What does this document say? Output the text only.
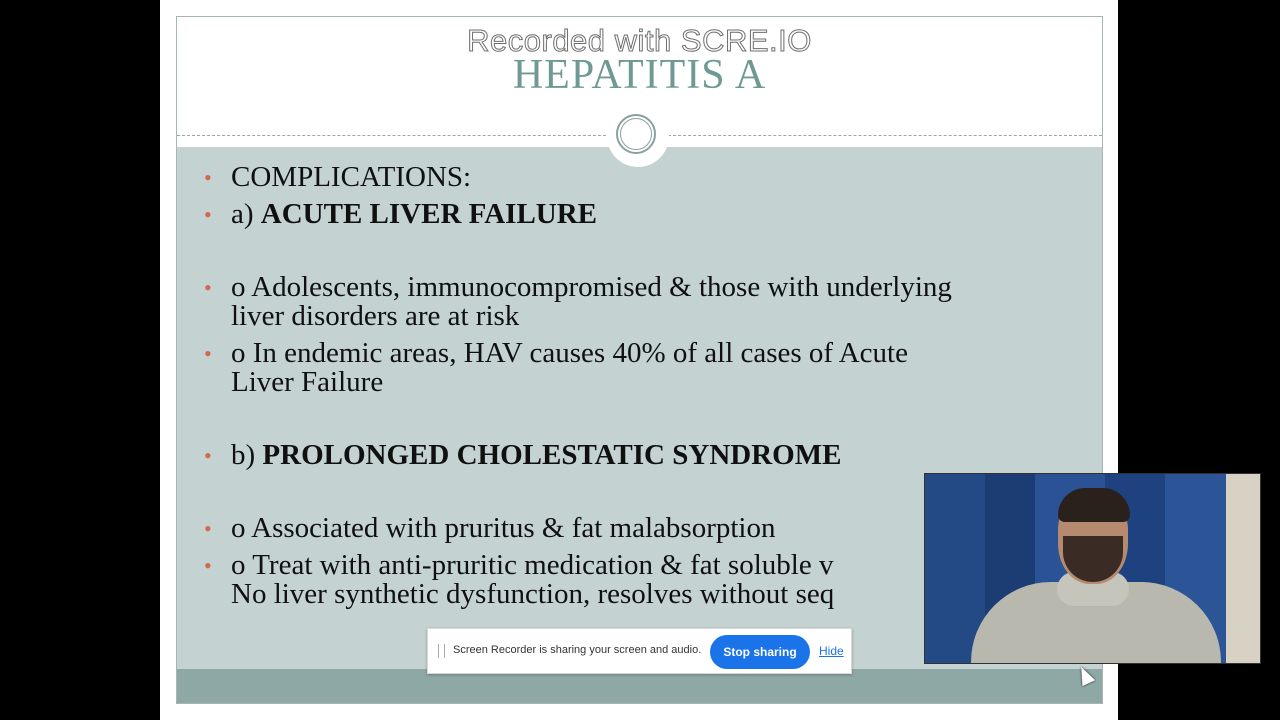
HEPATITIS A
Recorded with SCRE.IO
• COMPLICATIONS:
• a) ACUTE LIVER FAILURE
• o Adolescents, immunocompromised & those with underlying
liver disorders are at risk
• o In endemic areas, HAV causes 40% of all cases of Acute
Liver Failure
• b) PROLONGED CHOLESTATIC SYNDROME
• o Associated with pruritus & fat malabsorption
• o Treat with anti-pruritic medication & fat soluble v
No liver synthetic dysfunction, resolves without seq
Screen Recorder is sharing your screen and audio.	Stop sharing	Hide
